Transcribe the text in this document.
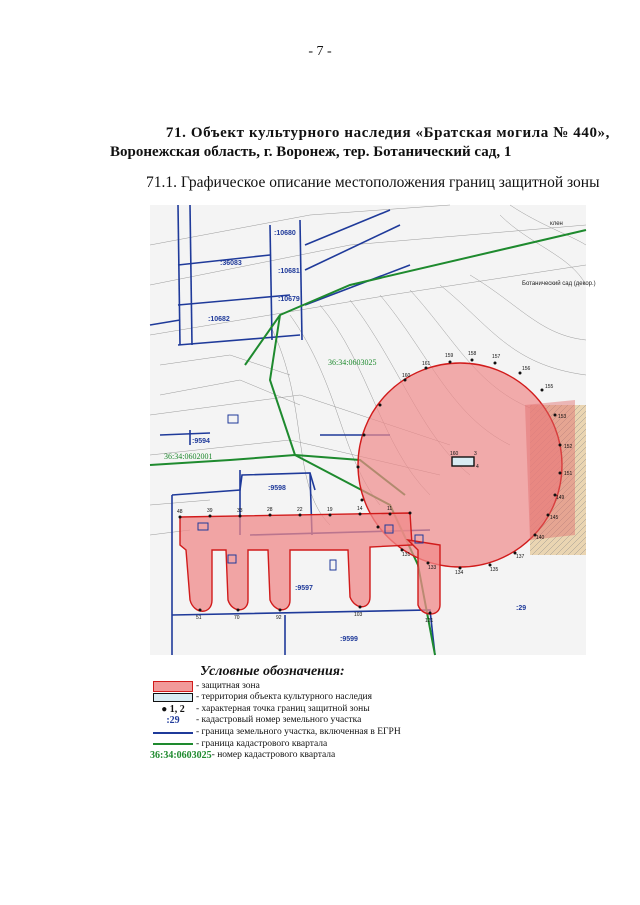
- 7 -
71. Объект культурного наследия «Братская могила № 440»,
Воронежская область, г. Воронеж, тер. Ботанический сад, 1
71.1. Графическое описание местоположения границ защитной зоны
159	158	157
156
155
153
152
151
149
145
140
137
135
134
133
131
161
160
48	39	33	28	22	19	14	11
51	70	92	103
121
160	3
4
:10680
:36083
:10681
:10679
:10682
:9594
:9598
:9597
:9599
:29
36:34:0603025
36:34:0602001
Ботанический сад (декор.)
клен
Условные обозначения:
- защитная зона
- территория объекта культурного наследия
● 1, 2	- характерная точка границ защитной зоны
:29	- кадастровый номер земельного участка
- граница земельного участка, включенная в ЕГРН
- граница кадастрового квартала
36:34:0603025 - номер кадастрового квартала
